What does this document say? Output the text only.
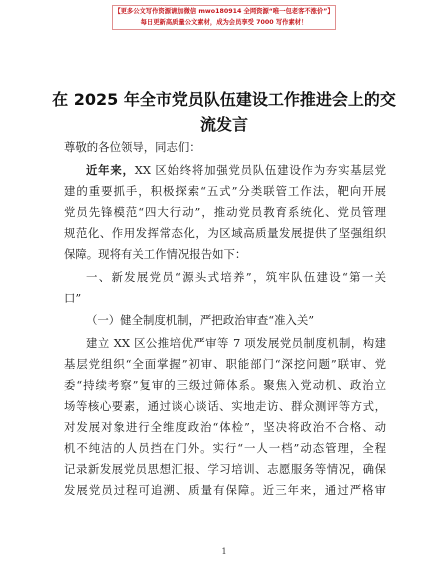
【更多公文写作资源请加微信 mwo180914 全网资源“唯一包老客不涨价”】
每日更新高质量公文素材，成为会员享受 7000 写作素材！
在 2025 年全市党员队伍建设工作推进会上的交
流发言
尊敬的各位领导，同志们：
近年来，XX 区始终将加强党员队伍建设作为夯实基层党
建的重要抓手，积极探索“五式”分类联管工作法，靶向开展
党员先锋模范“四大行动”，推动党员教育系统化、党员管理
规范化、作用发挥常态化，为区域高质量发展提供了坚强组织
保障。现将有关工作情况报告如下：
一、新发展党员“源头式培养”，筑牢队伍建设“第一关
口”
（一）健全制度机制，严把政治审查“准入关”
建立 XX 区公推培优严审等 7 项发展党员制度机制，构建
基层党组织“全面掌握”初审、职能部门“深挖问题”联审、党
委“持续考察”复审的三级过筛体系。聚焦入党动机、政治立
场等核心要素，通过谈心谈话、实地走访、群众测评等方式，
对发展对象进行全维度政治“体检”，坚决将政治不合格、动
机不纯洁的人员挡在门外。实行“一人一档”动态管理，全程
记录新发展党员思想汇报、学习培训、志愿服务等情况，确保
发展党员过程可追溯、质量有保障。近三年来，通过严格审
1
